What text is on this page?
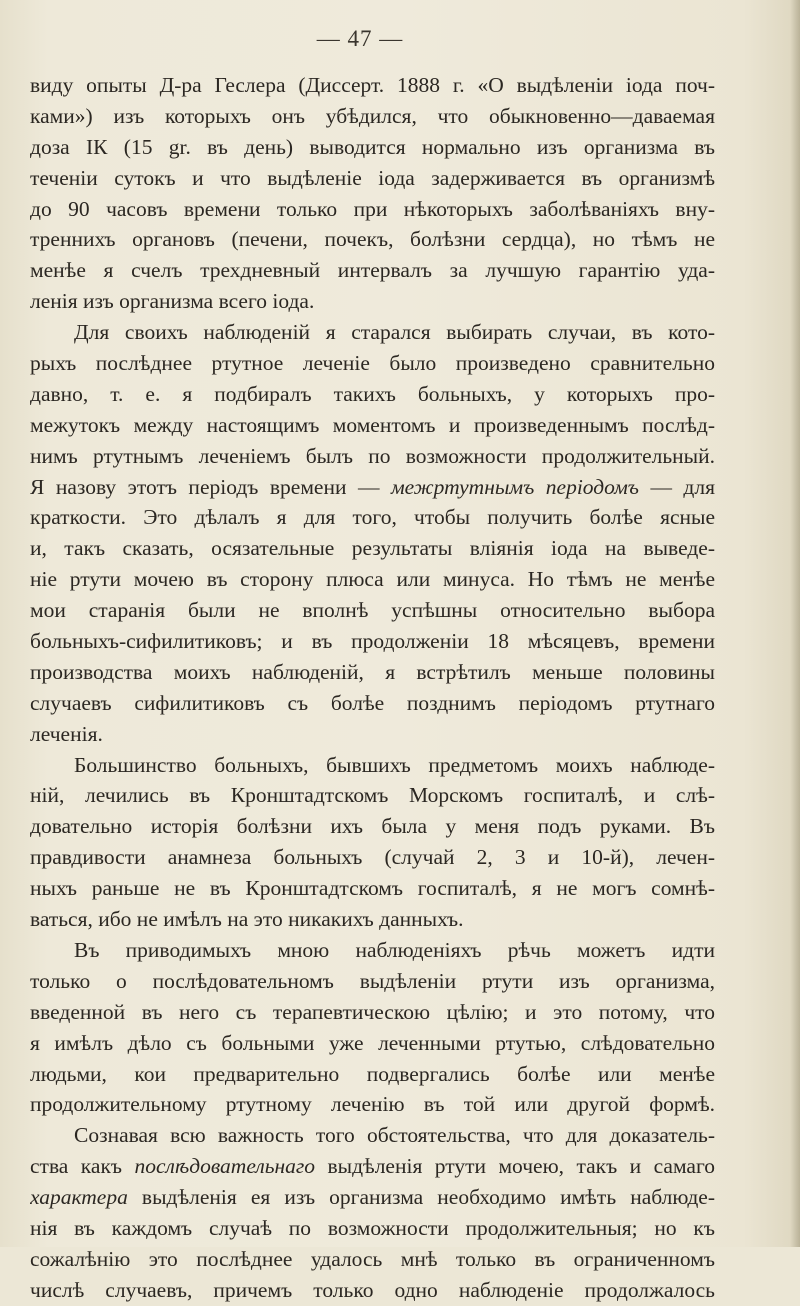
— 47 —
виду опыты Д-ра Геслера (Диссерт. 1888 г. «О выдѣленіи іода поч-
ками») изъ которыхъ онъ убѣдился, что обыкновенно—даваемая
доза IК (15 gr. въ день) выводится нормально изъ организма въ
теченіи сутокъ и что выдѣленіе іода задерживается въ организмѣ
до 90 часовъ времени только при нѣкоторыхъ заболѣваніяхъ вну-
треннихъ органовъ (печени, почекъ, болѣзни сердца), но тѣмъ не
менѣе я счелъ трехдневный интервалъ за лучшую гарантію уда-
ленія изъ организма всего іода.
Для своихъ наблюденій я старался выбирать случаи, въ кото-
рыхъ послѣднее ртутное леченіе было произведено сравнительно
давно, т. е. я подбиралъ такихъ больныхъ, у которыхъ про-
межутокъ между настоящимъ моментомъ и произведеннымъ послѣд-
нимъ ртутнымъ леченіемъ былъ по возможности продолжительный.
Я назову этотъ періодъ времени — межртутнымъ періодомъ — для
краткости. Это дѣлалъ я для того, чтобы получить болѣе ясные
и, такъ сказать, осязательные результаты вліянія іода на выведе-
ніе ртути мочею въ сторону плюса или минуса. Но тѣмъ не менѣе
мои старанія были не вполнѣ успѣшны относительно выбора
больныхъ-сифилитиковъ; и въ продолженіи 18 мѣсяцевъ, времени
производства моихъ наблюденій, я встрѣтилъ меньше половины
случаевъ сифилитиковъ съ болѣе позднимъ періодомъ ртутнаго
леченія.
Большинство больныхъ, бывшихъ предметомъ моихъ наблюде-
ній, лечились въ Кронштадтскомъ Морскомъ госпиталѣ, и слѣ-
довательно исторія болѣзни ихъ была у меня подъ руками. Въ
правдивости анамнеза больныхъ (случай 2, 3 и 10-й), лечен-
ныхъ раньше не въ Кронштадтскомъ госпиталѣ, я не могъ сомнѣ-
ваться, ибо не имѣлъ на это никакихъ данныхъ.
Въ приводимыхъ мною наблюденіяхъ рѣчь можетъ идти
только о послѣдовательномъ выдѣленіи ртути изъ организма,
введенной въ него съ терапевтическою цѣлію; и это потому, что
я имѣлъ дѣло съ больными уже леченными ртутью, слѣдовательно
людьми, кои предварительно подвергались болѣе или менѣе
продолжительному ртутному леченію въ той или другой формѣ.
Сознавая всю важность того обстоятельства, что для доказатель-
ства какъ послѣдовательнаго выдѣленія ртути мочею, такъ и самаго
характера выдѣленія ея изъ организма необходимо имѣть наблюде-
нія въ каждомъ случаѣ по возможности продолжительныя; но къ
сожалѣнію это послѣднее удалось мнѣ только въ ограниченномъ
числѣ случаевъ, причемъ только одно наблюденіе продолжалось
